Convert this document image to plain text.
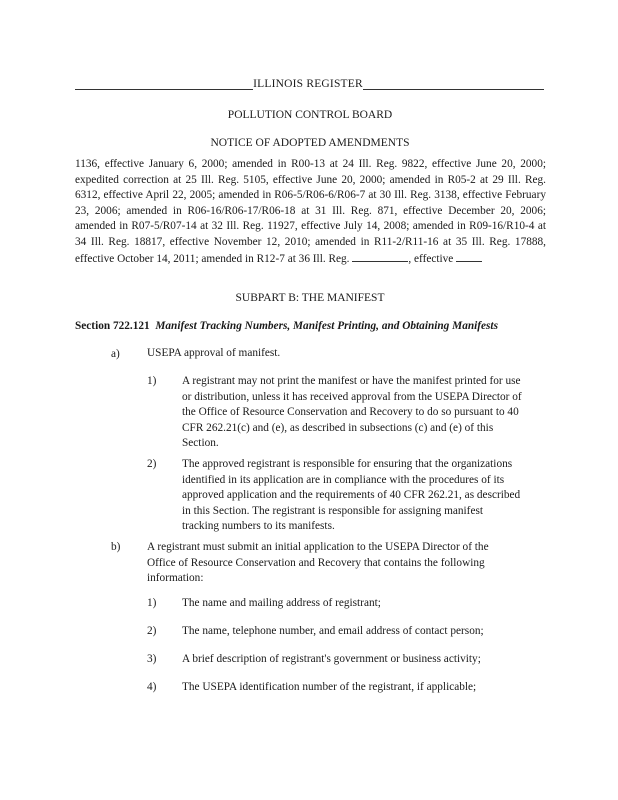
ILLINOIS REGISTER
POLLUTION CONTROL BOARD
NOTICE OF ADOPTED AMENDMENTS
1136, effective January 6, 2000; amended in R00-13 at 24 Ill. Reg. 9822, effective June 20, 2000; expedited correction at 25 Ill. Reg. 5105, effective June 20, 2000; amended in R05-2 at 29 Ill. Reg. 6312, effective April 22, 2005; amended in R06-5/R06-6/R06-7 at 30 Ill. Reg. 3138, effective February 23, 2006; amended in R06-16/R06-17/R06-18 at 31 Ill. Reg. 871, effective December 20, 2006; amended in R07-5/R07-14 at 32 Ill. Reg. 11927, effective July 14, 2008; amended in R09-16/R10-4 at 34 Ill. Reg. 18817, effective November 12, 2010; amended in R11-2/R11-16 at 35 Ill. Reg. 17888, effective October 14, 2011; amended in R12-7 at 36 Ill. Reg.	, effective
SUBPART B: THE MANIFEST
Section 722.121 Manifest Tracking Numbers, Manifest Printing, and Obtaining Manifests
a) USEPA approval of manifest.
1) A registrant may not print the manifest or have the manifest printed for use or distribution, unless it has received approval from the USEPA Director of the Office of Resource Conservation and Recovery to do so pursuant to 40 CFR 262.21(c) and (e), as described in subsections (c) and (e) of this Section.
2) The approved registrant is responsible for ensuring that the organizations identified in its application are in compliance with the procedures of its approved application and the requirements of 40 CFR 262.21, as described in this Section. The registrant is responsible for assigning manifest tracking numbers to its manifests.
b) A registrant must submit an initial application to the USEPA Director of the Office of Resource Conservation and Recovery that contains the following information:
1) The name and mailing address of registrant;
2) The name, telephone number, and email address of contact person;
3) A brief description of registrant's government or business activity;
4) The USEPA identification number of the registrant, if applicable;
